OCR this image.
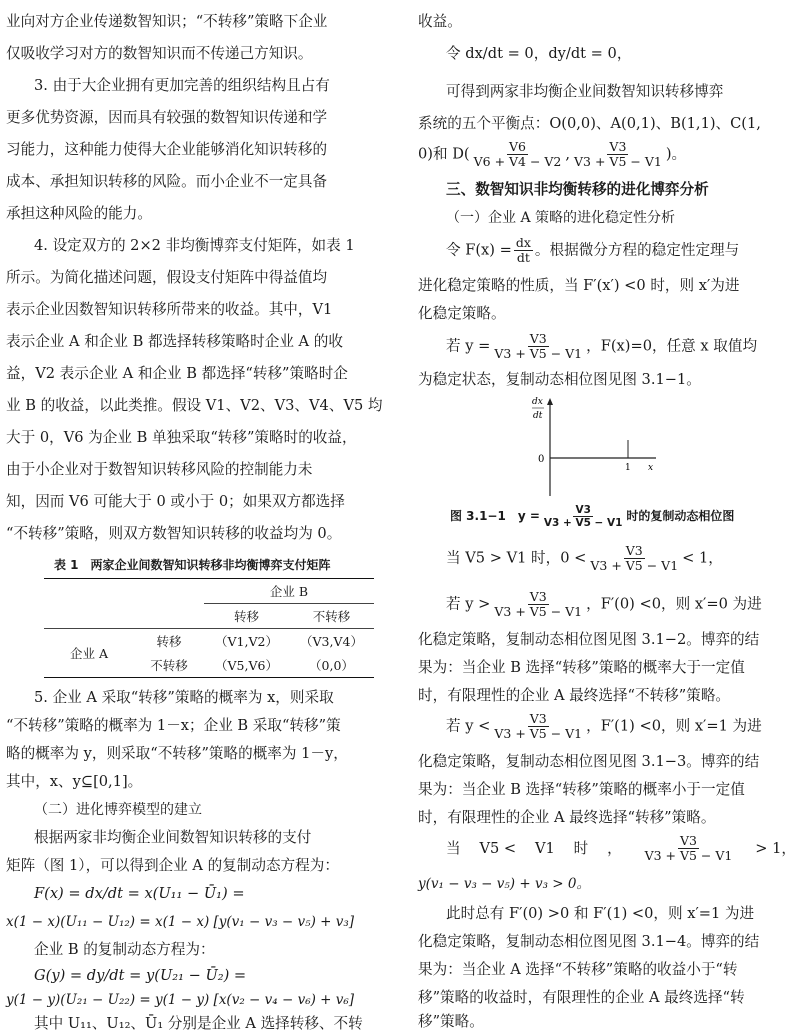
业向对方企业传递数智知识；“不转移”策略下企业
仅吸收学习对方的数智知识而不传递己方知识。
3. 由于大企业拥有更加完善的组织结构且占有
更多优势资源，因而具有较强的数智知识传递和学
习能力，这种能力使得大企业能够消化知识转移的
成本、承担知识转移的风险。而小企业不一定具备
承担这种风险的能力。
4. 设定双方的 2×2 非均衡博弈支付矩阵，如表 1
所示。为简化描述问题，假设支付矩阵中得益值均
表示企业因数智知识转移所带来的收益。其中，V1
表示企业 A 和企业 B 都选择转移策略时企业 A 的收
益，V2 表示企业 A 和企业 B 都选择“转移”策略时企
业 B 的收益，以此类推。假设 V1、V2、V3、V4、V5 均
大于 0，V6 为企业 B 单独采取“转移”策略时的收益，
由于小企业对于数智知识转移风险的控制能力未
知，因而 V6 可能大于 0 或小于 0；如果双方都选择
“不转移”策略，则双方数智知识转移的收益均为 0。
表 1　两家企业间数智知识转移非均衡博弈支付矩阵
		企业 B	
		转移	不转移
企业 A	转移	（V1,V2）	（V3,V4）
	不转移	（V5,V6）	（0,0）
5. 企业 A 采取“转移”策略的概率为 x，则采取
“不转移”策略的概率为 1－x；企业 B 采取“转移”策
略的概率为 y，则采取“不转移”策略的概率为 1－y，
其中，x、y⊆[0,1]。
（二）进化博弈模型的建立
根据两家非均衡企业间数智知识转移的支付
矩阵（图 1），可以得到企业 A 的复制动态方程为：
F(x) = dx/dt = x(U₁₁ − Ū₁) =
x(1 − x)(U₁₁ − U₁₂) = x(1 − x) [y(v₁ − v₃ − v₅) + v₃]
企业 B 的复制动态方程为：
G(y) = dy/dt = y(U₂₁ − Ū₂) =
y(1 − y)(U₂₁ − U₂₂) = y(1 − y) [x(v₂ − v₄ − v₆) + v₆]
其中 U₁₁、U₁₂、Ū₁ 分别是企业 A 选择转移、不转
收益。
令 dx/dt = 0，dy/dt = 0，
可得到两家非均衡企业间数智知识转移博弈
系统的五个平衡点：O(0,0)、A(0,1)、B(1,1)、C(1,
0)和 $D( \frac{V6}{V6 + V4 - V2}$ , $\frac{V3}{V3 + V5 - V1}$ )。
三、数智知识非均衡转移的进化博弈分析
（一）企业 A 策略的进化稳定性分析
令 $F(x) = \frac{dx}{dt}$ 。根据微分方程的稳定性定理与
进化稳定策略的性质，当 F′(x′) <0 时，则 x′为进
化稳定策略。
若 $y = \frac{V3}{V3 + V5 - V1}$ ，F(x)=0，任意 x 取值均
为稳定状态，复制动态相位图见图 3.1−1。
dx
dt
0
1 x
图 3.1−1　$y = \frac{V3}{V3 + V5 - V1}$ 时的复制动态相位图
当 V5 > V1 时，$0 < \frac{V3}{V3 + V5 - V1} < 1$，
若 $y > \frac{V3}{V3 + V5 - V1}$ ，F′(0) <0，则 x′=0 为进
化稳定策略，复制动态相位图见图 3.1−2。博弈的结
果为：当企业 B 选择“转移”策略的概率大于一定值
时，有限理性的企业 A 最终选择“不转移”策略。
若 $y < \frac{V3}{V3 + V5 - V1}$ ，F′(1) <0，则 x′=1 为进
化稳定策略，复制动态相位图见图 3.1−3。博弈的结
果为：当企业 B 选择“转移”策略的概率小于一定值
时，有限理性的企业 A 最终选择“转移”策略。
当 V5 < V1 时 ， $\frac{V3}{V3 + V5 - V1} > 1$，
y(v₁ − v₃ − v₅) + v₃ > 0。
此时总有 F′(0) >0 和 F′(1) <0，则 x′=1 为进
化稳定策略，复制动态相位图见图 3.1−4。博弈的结
果为：当企业 A 选择“不转移”策略的收益小于“转
移”策略的收益时，有限理性的企业 A 最终选择“转
移”策略。
